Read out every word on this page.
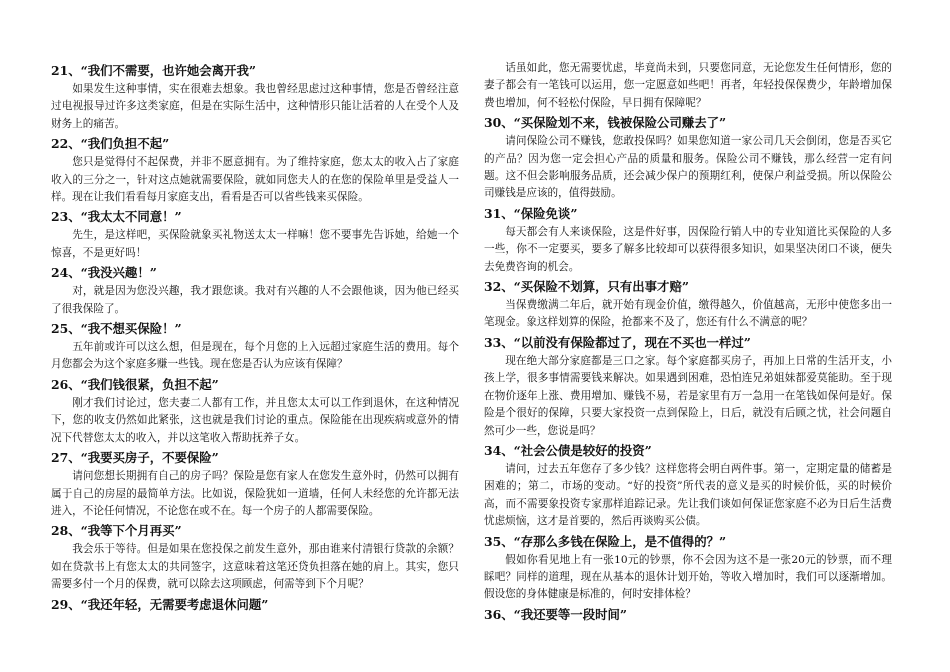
21、“我们不需要，也许她会离开我”

如果发生这种事情，实在很难去想象。我也曾经思虑过这种事情，您是否曾经注意过电视报导过许多这类家庭，但是在实际生活中，这种情形只能让活着的人在受个人及财务上的痛苦。

22、“我们负担不起”

您只是觉得付不起保费，并非不愿意拥有。为了维持家庭，您太太的收入占了家庭收入的三分之一，针对这点她就需要保险，就如同您夫人的在您的保险单里是受益人一样。现在让我们看看每月家庭支出，看看是否可以省些钱来买保险。

23、“我太太不同意！”

先生，是这样吧，买保险就象买礼物送太太一样嘛！您不要事先告诉她，给她一个惊喜，不是更好吗！

24、“我没兴趣！”

对，就是因为您没兴趣，我才跟您谈。我对有兴趣的人不会跟他谈，因为他已经买了很我保险了。

25、“我不想买保险！”

五年前或许可以这么想，但是现在，每个月您的上入远超过家庭生活的费用。每个月您都会为这个家庭多赚一些钱。现在您是否认为应该有保障？

26、“我们钱很紧，负担不起”

刚才我们讨论过，您夫妻二人都有工作，并且您太太可以工作到退休，在这种情况下，您的收支仍然如此紧张，这也就是我们讨论的重点。保险能在出现疾病或意外的情况下代替您太太的收入，并以这笔收入帮助抚养子女。

27、“我要买房子，不要保险”

请问您想长期拥有自己的房子吗？保险是您有家人在您发生意外时，仍然可以拥有属于自己的房屋的最简单方法。比如说，保险犹如一道墙，任何人未经您的允许都无法进入，不论任何情况，不论您在或不在。每一个房子的人都需要保险。

28、“我等下个月再买”

我会乐于等待。但是如果在您投保之前发生意外，那由谁来付清银行贷款的余额？如在贷款书上有您太太的共同签字，这意味着这笔还贷负担落在她的肩上。其实，您只需要多付一个月的保费，就可以除去这项顾虑，何需等到下个月呢？

29、“我还年轻，无需要考虑退休问题”

话虽如此，您无需要忧虑，毕竟尚未到，只要您同意，无论您发生任何情形，您的妻子都会有一笔钱可以运用，您一定愿意如些吧！再者，年轻投保保费少，年龄增加保费也增加，何不轻松付保险，早日拥有保障呢？

30、“买保险划不来，钱被保险公司赚去了”

请问保险公司不赚钱，您敢投保吗？如果您知道一家公司几天会倒闭，您是否买它的产品？因为您一定会担心产品的质量和服务。保险公司不赚钱，那么经营一定有问题。这不但会影响服务品质，还会减少保户的预期红利，使保户利益受损。所以保险公司赚钱是应该的，值得鼓励。

31、“保险免谈”

每天都会有人来谈保险，这是件好事，因保险行销人中的专业知道比买保险的人多一些，你不一定要买，要多了解多比较却可以获得很多知识，如果坚决闭口不谈，便失去免费咨询的机会。

32、“买保险不划算，只有出事才赔”

当保费缴满二年后，就开始有现金价值，缴得越久，价值越高，无形中使您多出一笔现金。象这样划算的保险，抢都来不及了，您还有什么不满意的呢？

33、“以前没有保险都过了，现在不买也一样过”

现在绝大部分家庭都是三口之家。每个家庭都买房子，再加上日常的生活开支，小孩上学，很多事情需要钱来解决。如果遇到困难，恐怕连兄弟姐妹都爱莫能助。至于现在物价逐年上涨、费用增加、赚钱不易，若是家里有万一急用一在笔钱如保何是好。保险是个很好的保障，只要大家投资一点到保险上，日后，就没有后顾之忧，社会问题自然可少一些，您说是吗？

34、“社会公债是较好的投资”

请问，过去五年您存了多少钱？这样您将会明白两件事。第一，定期定量的储蓄是困难的；第二，市场的变动。“好的投资”所代表的意义是买的时候价低，买的时候价高，而不需要象投资专家那样追踪记录。先让我们谈如何保证您家庭不必为日后生活费忧虑烦恼，这才是首要的，然后再谈购买公债。

35、“存那么多钱在保险上，是不值得的？”

假如你看见地上有一张10元的钞票，你不会因为这不是一张20元的钞票，而不理睬吧？同样的道理，现在从基本的退休计划开始，等收入增加时，我们可以逐渐增加。假设您的身体健康是标准的，何时安排体检？

36、“我还要等一段时间”
